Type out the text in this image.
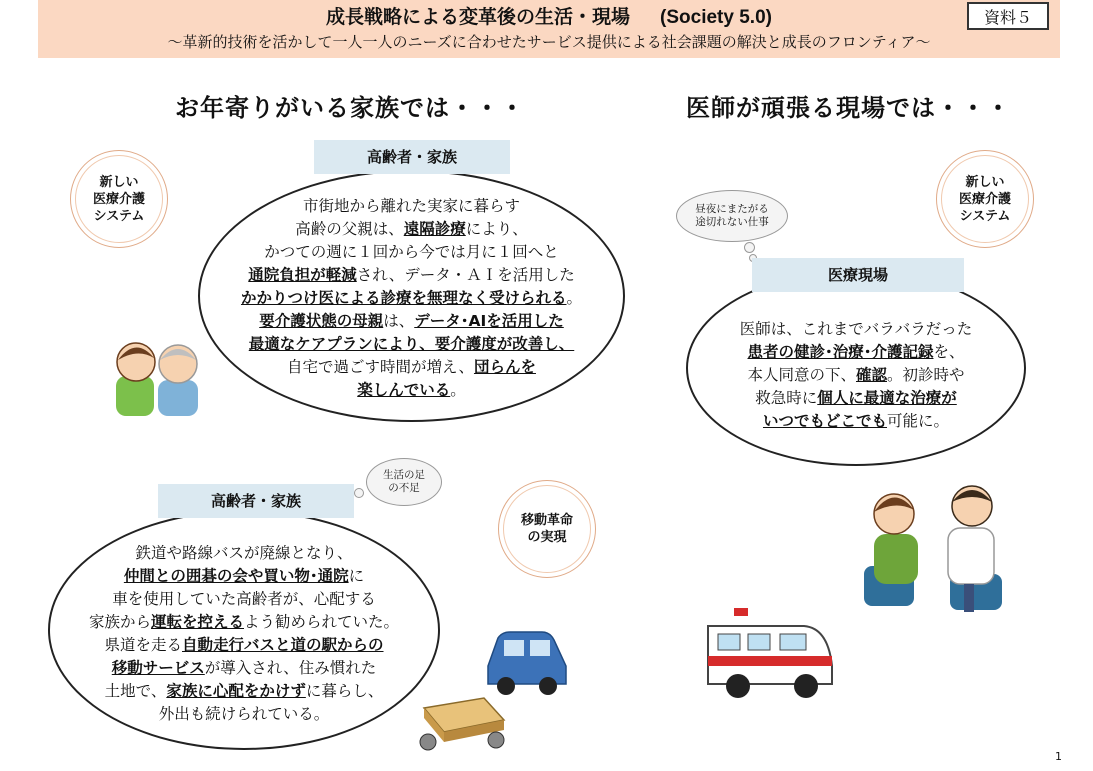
成長戦略による変革後の生活・現場 (Society 5.0)
～革新的技術を活かして一人一人のニーズに合わせたサービス提供による社会課題の解決と成長のフロンティア～
資料５
お年寄りがいる家族では・・・	医師が頑張る現場では・・・
新しい
医療介護
システム
高齢者・家族
市街地から離れた実家に暮らす
高齢の父親は、遠隔診療により、
かつての週に１回から今では月に１回へと
通院負担が軽減され、データ・ＡＩを活用した
かかりつけ医による診療を無理なく受けられる。
要介護状態の母親は、データ･AIを活用した
最適なケアプランにより、要介護度が改善し、
自宅で過ごす時間が増え、団らんを
楽しんでいる。
新しい
医療介護
システム
昼夜にまたがる
途切れない仕事
医療現場
医師は、これまでバラバラだった
患者の健診･治療･介護記録を、
本人同意の下、確認。初診時や
救急時に個人に最適な治療が
いつでもどこでも可能に。
移動革命
の実現
生活の足
の不足
高齢者・家族
鉄道や路線バスが廃線となり、
仲間との囲碁の会や買い物･通院に
車を使用していた高齢者が、心配する
家族から運転を控えるよう勧められていた。
県道を走る自動走行バスと道の駅からの
移動サービスが導入され、住み慣れた
土地で、家族に心配をかけずに暮らし、
外出も続けられている。
1
